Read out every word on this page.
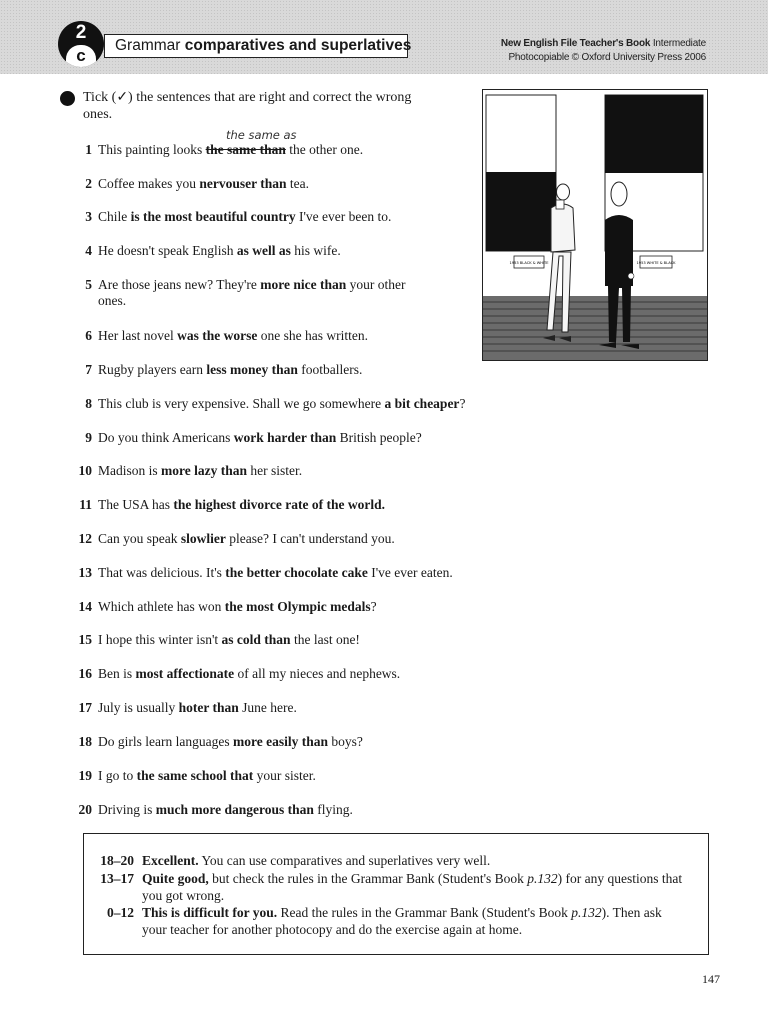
2
c
Grammar comparatives and superlatives	New English File Teacher's Book Intermediate
Photocopiable © Oxford University Press 2006
Tick (✓) the sentences that are right and correct the wrong ones.
the same as
1 This painting looks the same than the other one.
2 Coffee makes you nervouser than tea.
3 Chile is the most beautiful country I've ever been to.
4 He doesn't speak English as well as his wife.
5 Are those jeans new? They're more nice than your other
ones.
6 Her last novel was the worse one she has written.
7 Rugby players earn less money than footballers.
8 This club is very expensive. Shall we go somewhere a bit cheaper?
9 Do you think Americans work harder than British people?
10 Madison is more lazy than her sister.
11 The USA has the highest divorce rate of the world.
12 Can you speak slowlier please? I can't understand you.
13 That was delicious. It's the better chocolate cake I've ever eaten.
14 Which athlete has won the most Olympic medals?
15 I hope this winter isn't as cold than the last one!
16 Ben is most affectionate of all my nieces and nephews.
17 July is usually hoter than June here.
18 Do girls learn languages more easily than boys?
19 I go to the same school that your sister.
20 Driving is much more dangerous than flying.
1953 BLACK & WHITE	1953 WHITE & BLACK
18–20 Excellent. You can use comparatives and superlatives very well.
13–17 Quite good, but check the rules in the Grammar Bank (Student's Book p.132) for any questions that you got wrong.
0–12 This is difficult for you. Read the rules in the Grammar Bank (Student's Book p.132). Then ask your teacher for another photocopy and do the exercise again at home.
147
